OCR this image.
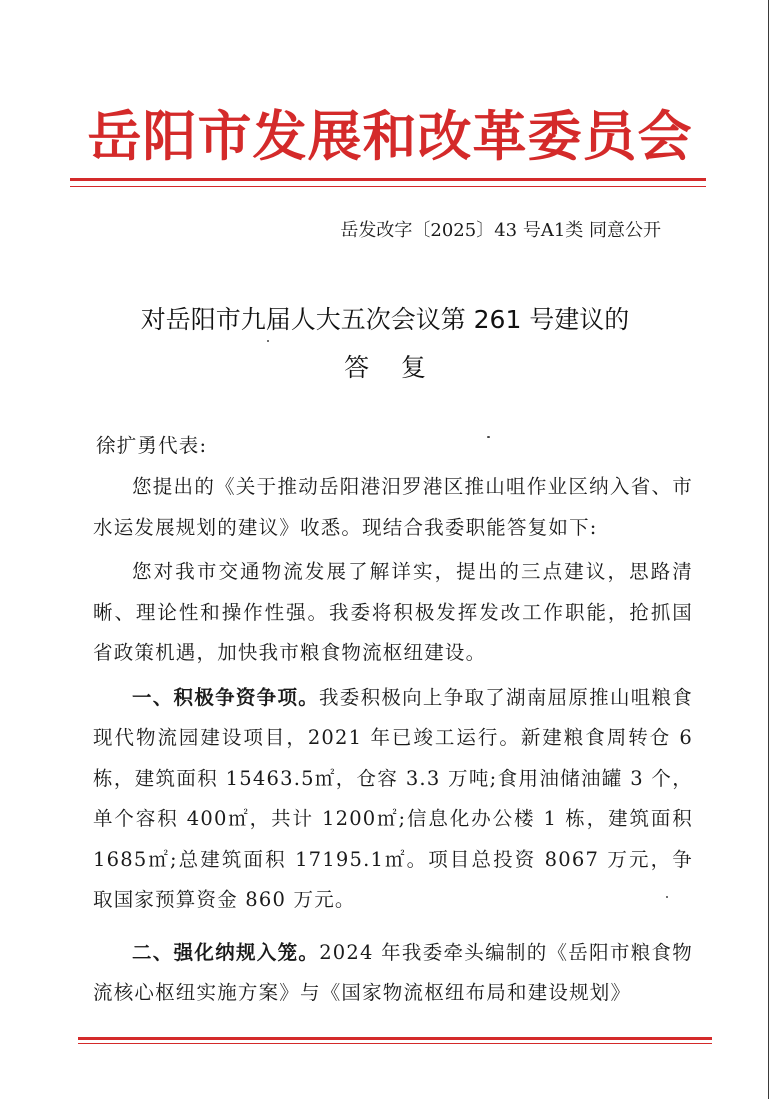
岳阳市发展和改革委员会
岳发改字〔2025〕43 号A1类 同意公开
对岳阳市九届人大五次会议第 261 号建议的
答    复
徐扩勇代表:

您提出的《关于推动岳阳港汨罗港区推山咀作业区纳入省、市水运发展规划的建议》收悉。现结合我委职能答复如下:

您对我市交通物流发展了解详实，提出的三点建议，思路清晰、理论性和操作性强。我委将积极发挥发改工作职能，抢抓国省政策机遇，加快我市粮食物流枢纽建设。

一、积极争资争项。我委积极向上争取了湖南屈原推山咀粮食现代物流园建设项目，2021 年已竣工运行。新建粮食周转仓 6 栋，建筑面积 15463.5㎡，仓容 3.3 万吨;食用油储油罐 3 个，单个容积 400㎡，共计 1200㎡;信息化办公楼 1 栋，建筑面积 1685㎡;总建筑面积 17195.1㎡。项目总投资 8067 万元，争取国家预算资金 860 万元。

二、强化纳规入笼。2024 年我委牵头编制的《岳阳市粮食物流核心枢纽实施方案》与《国家物流枢纽布局和建设规划》
